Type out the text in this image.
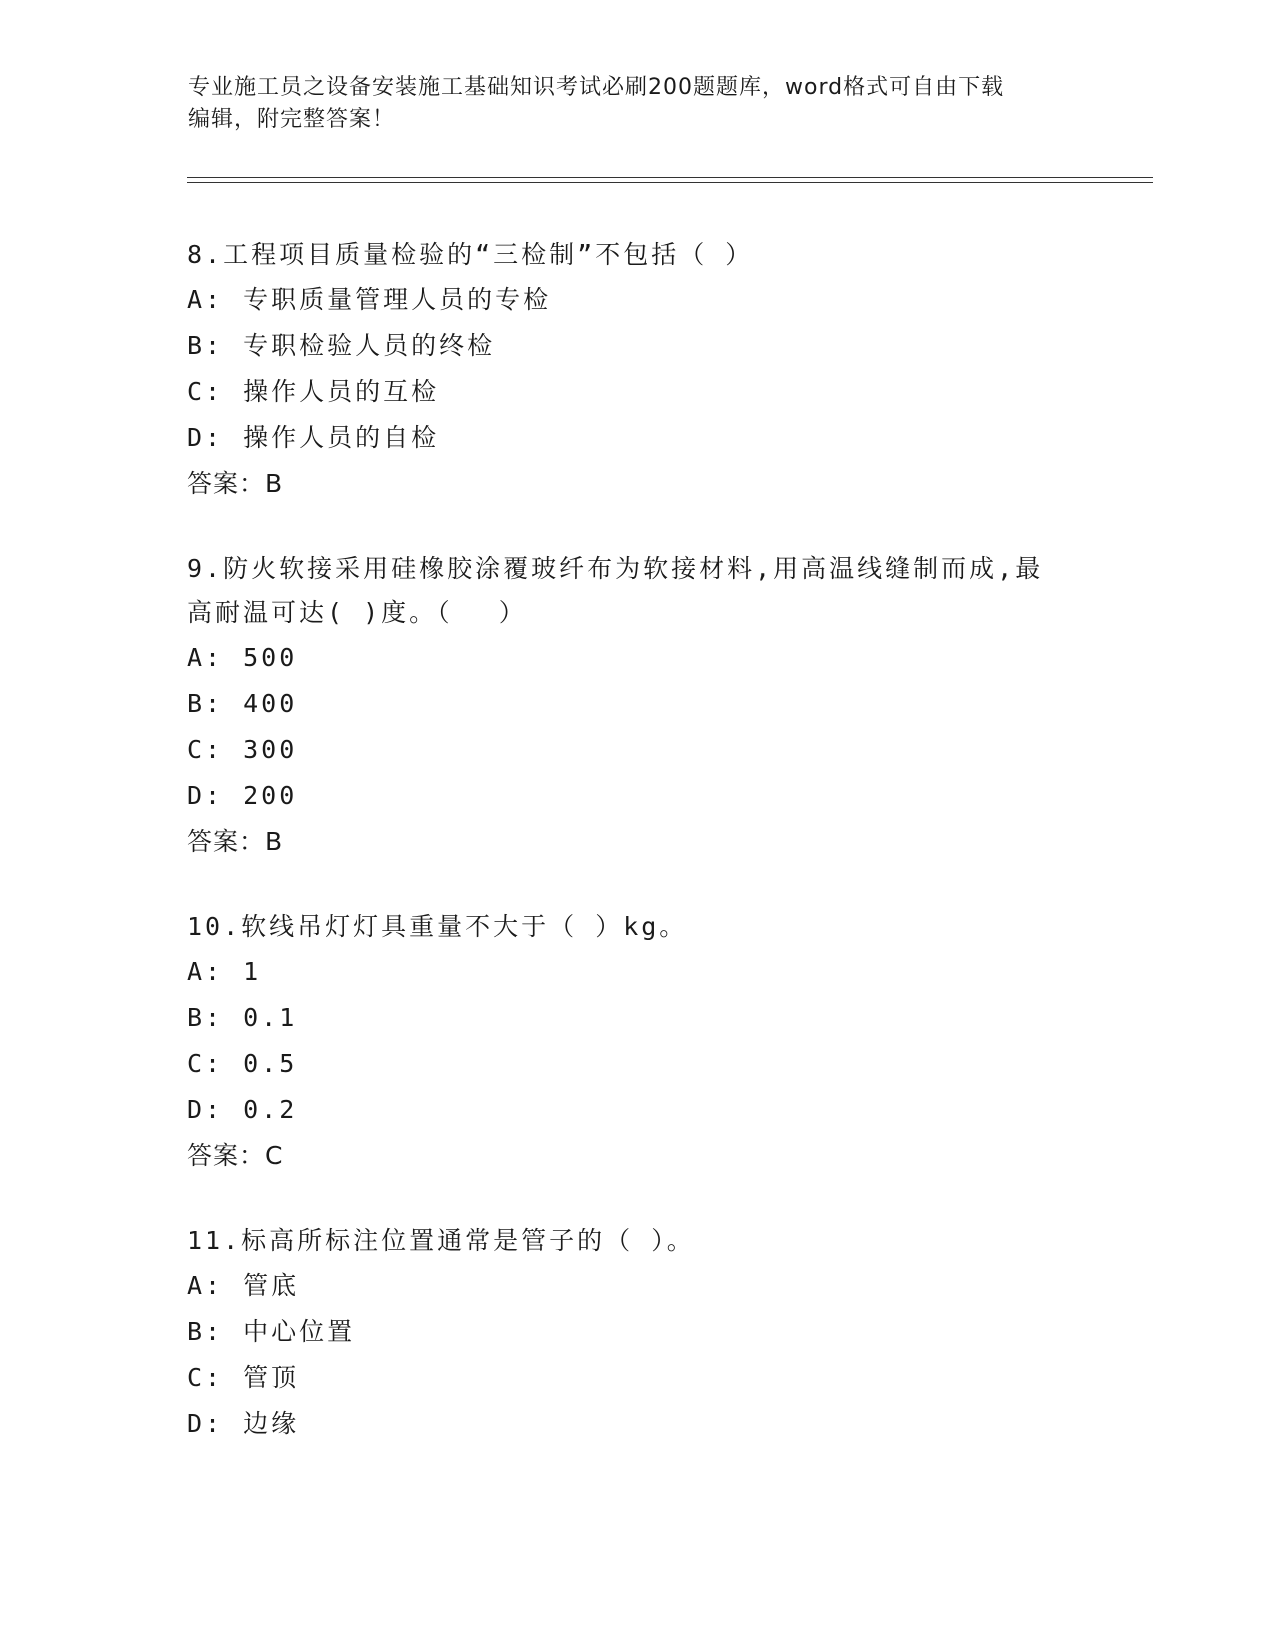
专业施工员之设备安装施工基础知识考试必刷200题题库，word格式可自由下载
编辑，附完整答案！
8.工程项目质量检验的“三检制”不包括（ ）
A: 专职质量管理人员的专检
B: 专职检验人员的终检
C: 操作人员的互检
D: 操作人员的自检
答案：B
9.防火软接采用硅橡胶涂覆玻纤布为软接材料,用高温线缝制而成,最
高耐温可达( )度。（　 ）
A: 500
B: 400
C: 300
D: 200
答案：B
10.软线吊灯灯具重量不大于（ ）kg。
A: 1
B: 0.1
C: 0.5
D: 0.2
答案：C
11.标高所标注位置通常是管子的（ ）。
A: 管底
B: 中心位置
C: 管顶
D: 边缘
